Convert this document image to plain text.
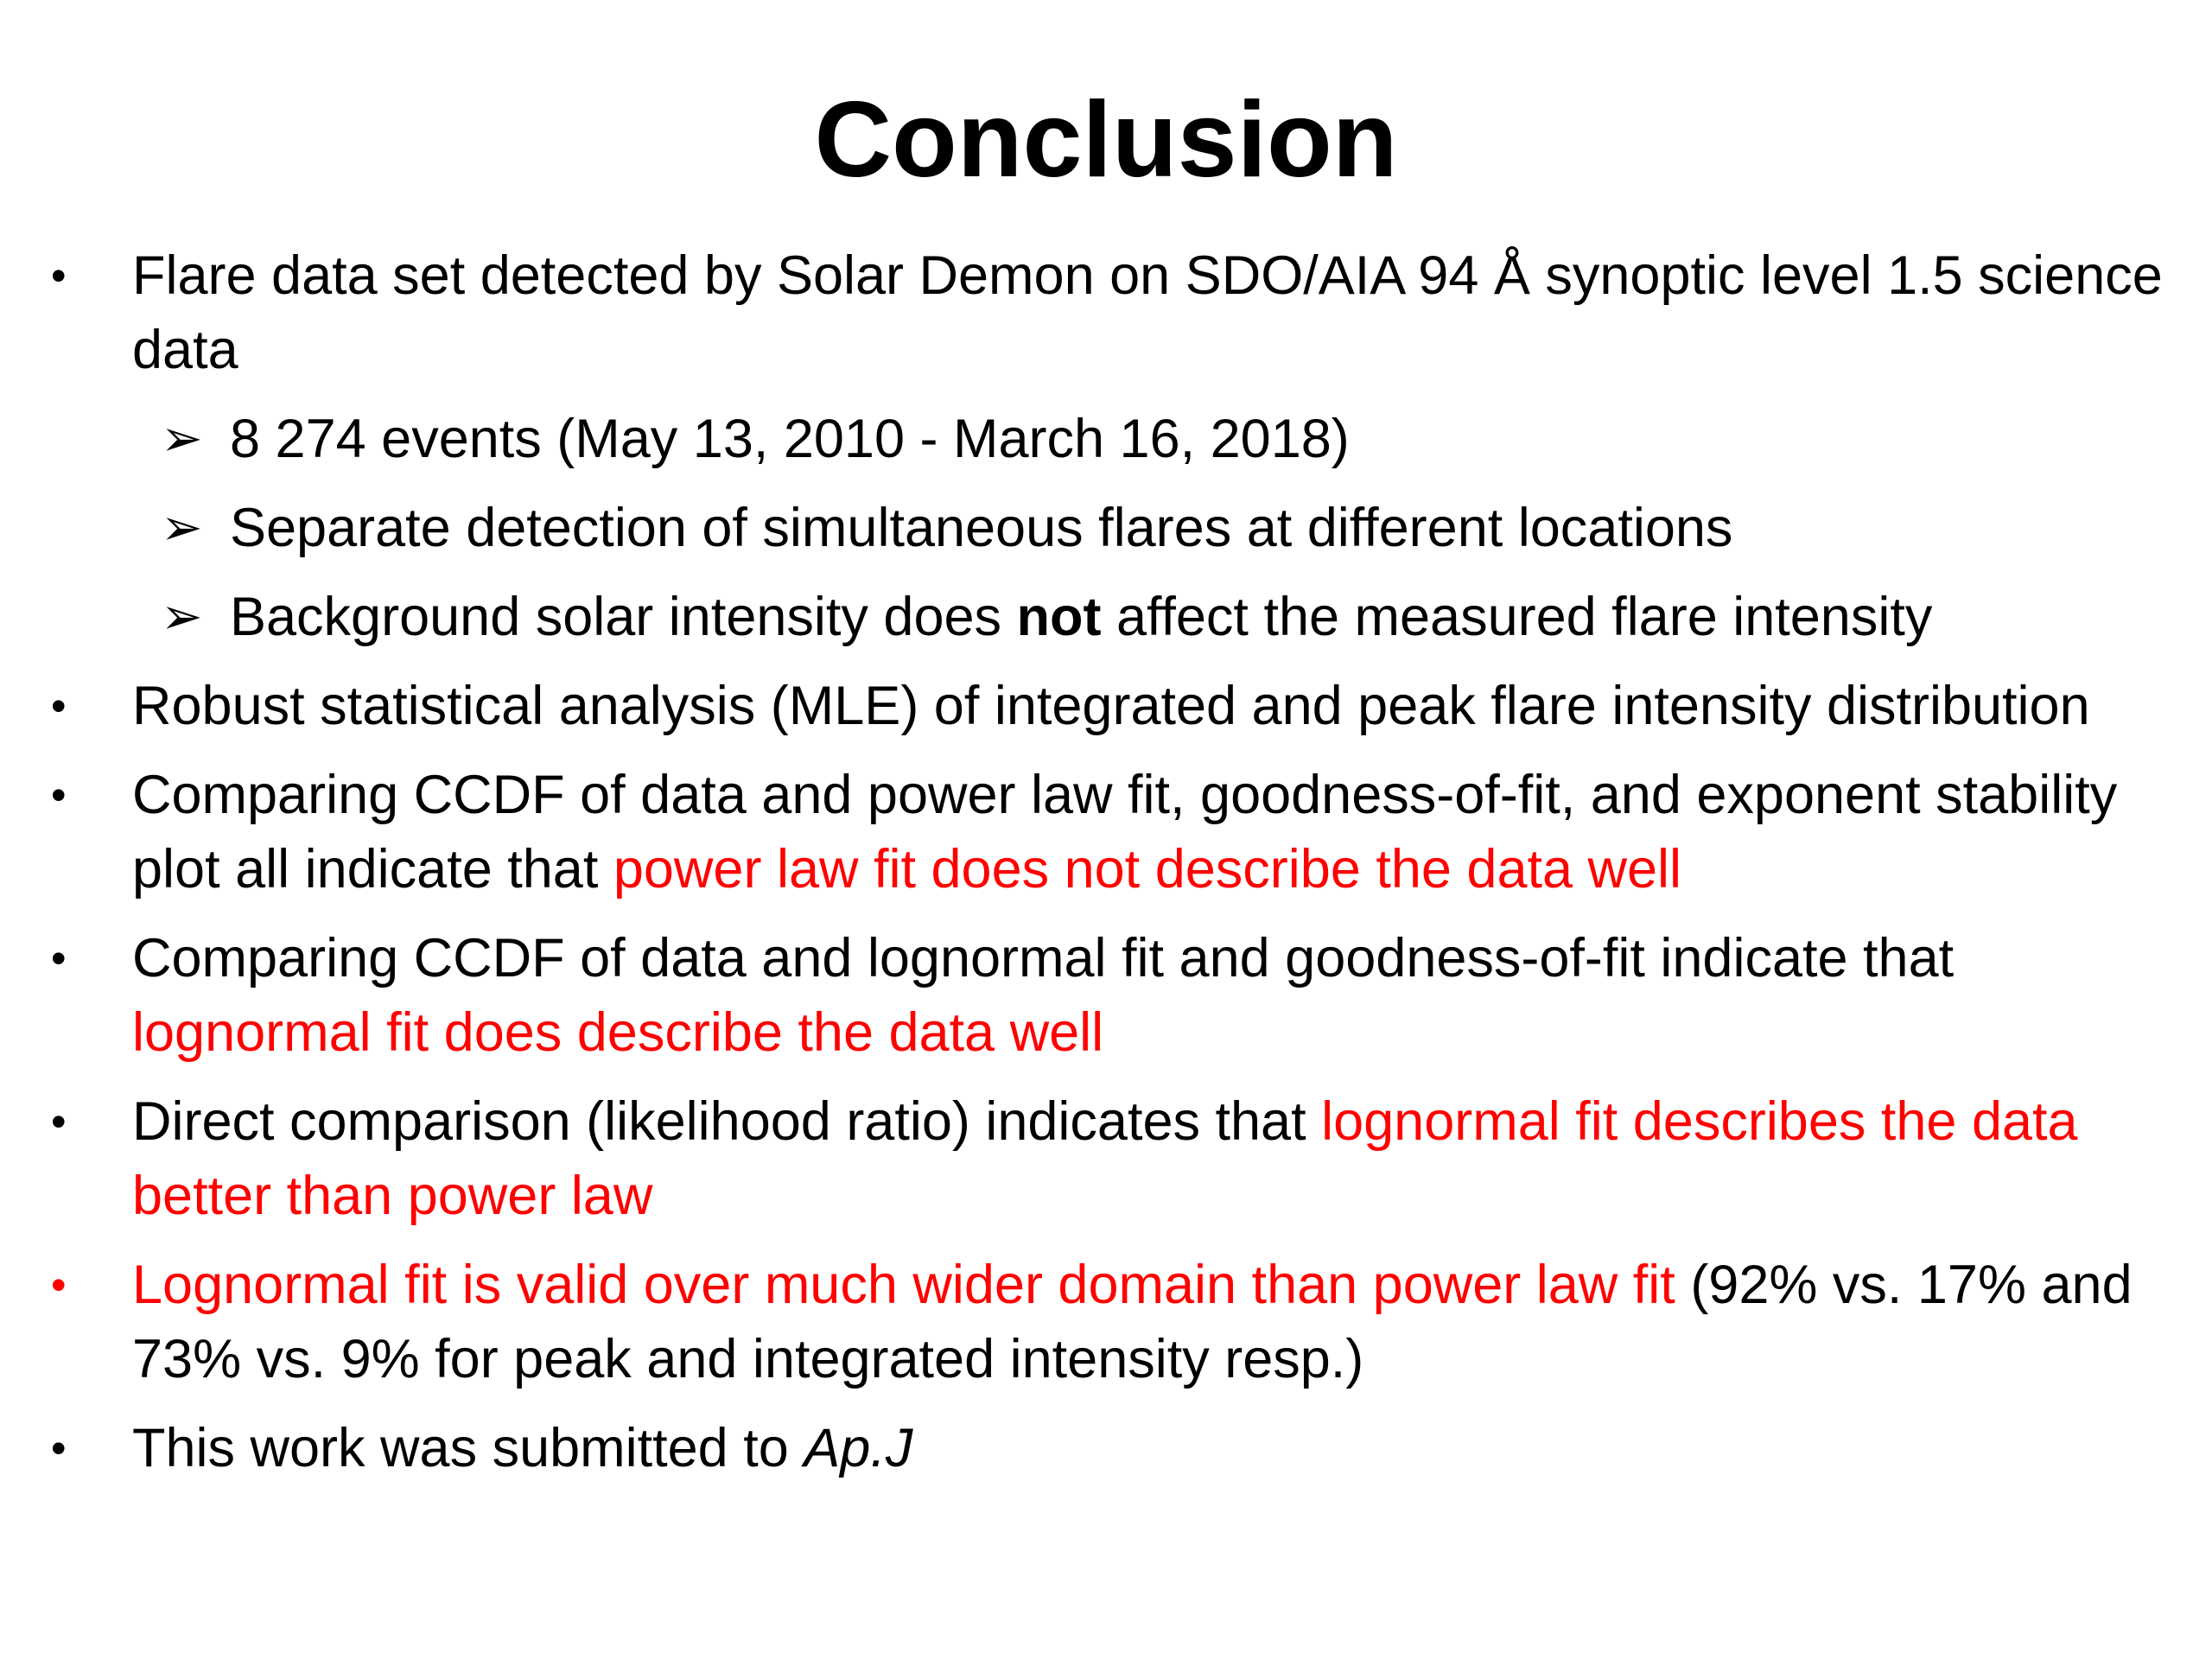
Conclusion
• Flare data set detected by Solar Demon on SDO/AIA 94 Å synoptic level 1.5 science data
➢ 8 274 events (May 13, 2010 - March 16, 2018)
➢ Separate detection of simultaneous flares at different locations
➢ Background solar intensity does not affect the measured flare intensity
• Robust statistical analysis (MLE) of integrated and peak flare intensity distribution
• Comparing CCDF of data and power law fit, goodness-of-fit, and exponent stability plot all indicate that power law fit does not describe the data well
• Comparing CCDF of data and lognormal fit and goodness-of-fit indicate that lognormal fit does describe the data well
• Direct comparison (likelihood ratio) indicates that lognormal fit describes the data better than power law
• Lognormal fit is valid over much wider domain than power law fit (92% vs. 17% and 73% vs. 9% for peak and integrated intensity resp.)
• This work was submitted to Ap.J
